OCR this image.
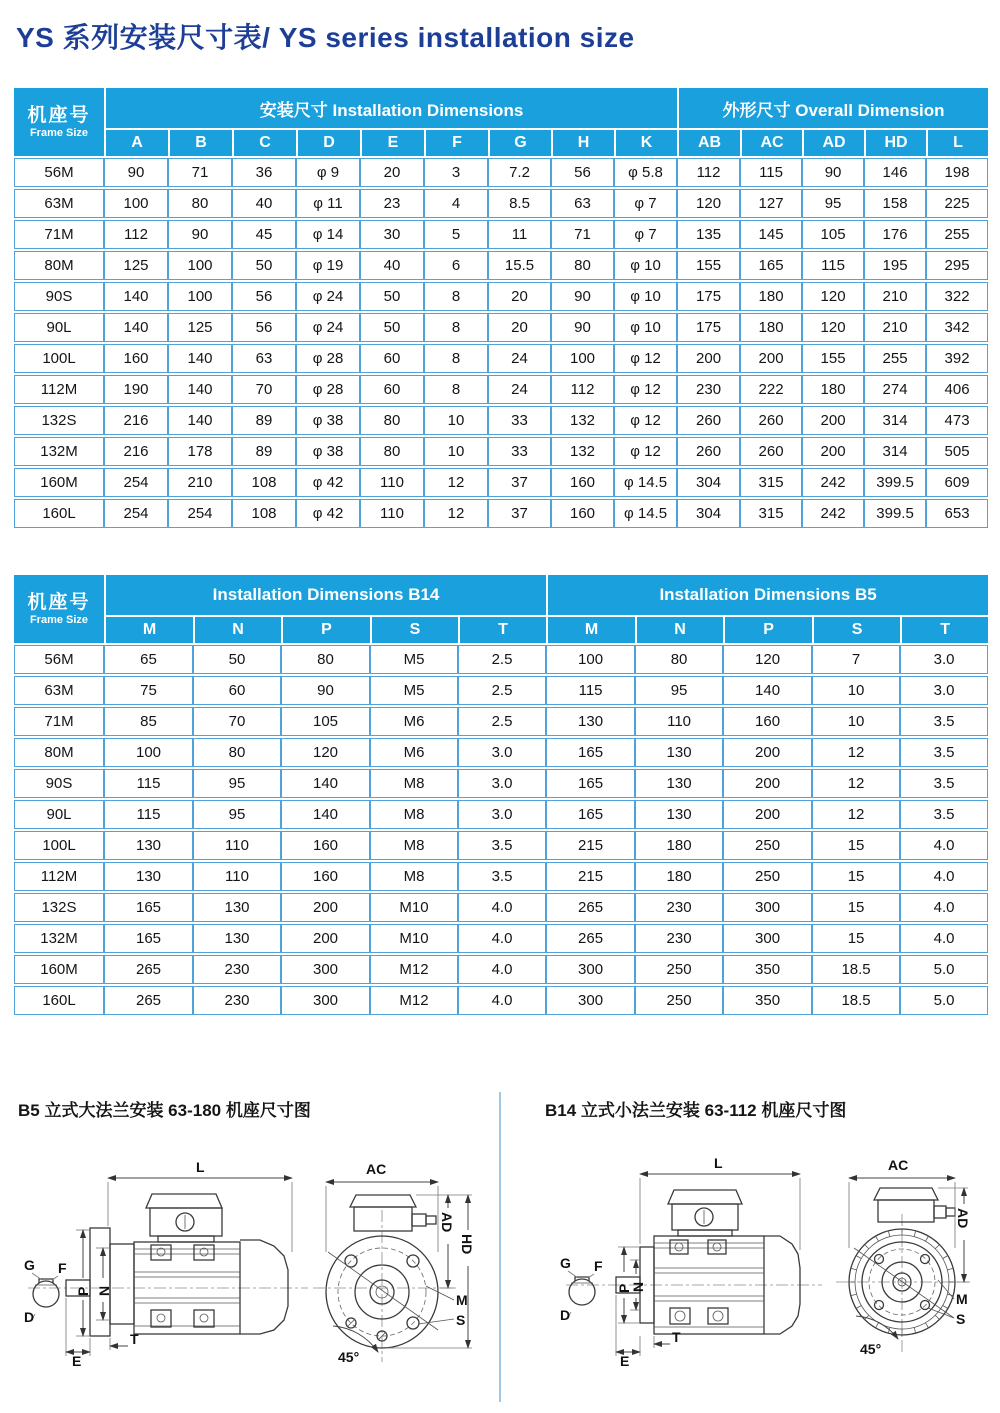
YS 系列安装尺寸表/ YS series installation size
机座号
Frame Size	安装尺寸 Installation Dimensions									外形尺寸 Overall Dimension				
	A	B	C	D	E	F	G	H	K	AB	AC	AD	HD	L
56M	90	71	36	φ 9	20	3	7.2	56	φ 5.8	112	115	90	146	198
63M	100	80	40	φ 11	23	4	8.5	63	φ 7	120	127	95	158	225
71M	112	90	45	φ 14	30	5	11	71	φ 7	135	145	105	176	255
80M	125	100	50	φ 19	40	6	15.5	80	φ 10	155	165	115	195	295
90S	140	100	56	φ 24	50	8	20	90	φ 10	175	180	120	210	322
90L	140	125	56	φ 24	50	8	20	90	φ 10	175	180	120	210	342
100L	160	140	63	φ 28	60	8	24	100	φ 12	200	200	155	255	392
112M	190	140	70	φ 28	60	8	24	112	φ 12	230	222	180	274	406
132S	216	140	89	φ 38	80	10	33	132	φ 12	260	260	200	314	473
132M	216	178	89	φ 38	80	10	33	132	φ 12	260	260	200	314	505
160M	254	210	108	φ 42	110	12	37	160	φ 14.5	304	315	242	399.5	609
160L	254	254	108	φ 42	110	12	37	160	φ 14.5	304	315	242	399.5	653
机座号
Frame Size	Installation Dimensions B14					Installation Dimensions B5				
	M	N	P	S	T	M	N	P	S	T
56M	65	50	80	M5	2.5	100	80	120	7	3.0
63M	75	60	90	M5	2.5	115	95	140	10	3.0
71M	85	70	105	M6	2.5	130	110	160	10	3.5
80M	100	80	120	M6	3.0	165	130	200	12	3.5
90S	115	95	140	M8	3.0	165	130	200	12	3.5
90L	115	95	140	M8	3.0	165	130	200	12	3.5
100L	130	110	160	M8	3.5	215	180	250	15	4.0
112M	130	110	160	M8	3.5	215	180	250	15	4.0
132S	165	130	200	M10	4.0	265	230	300	15	4.0
132M	165	130	200	M10	4.0	265	230	300	15	4.0
160M	265	230	300	M12	4.0	300	250	350	18.5	5.0
160L	265	230	300	M12	4.0	300	250	350	18.5	5.0
B5 立式大法兰安装 63-180 机座尺寸图	B14 立式小法兰安装 63-112 机座尺寸图
G F
D
L
P N
E
T
AC
AD
HD
M
S
45°
G F
D
L
P
N
E
T
AC
AD
M
S
45°
